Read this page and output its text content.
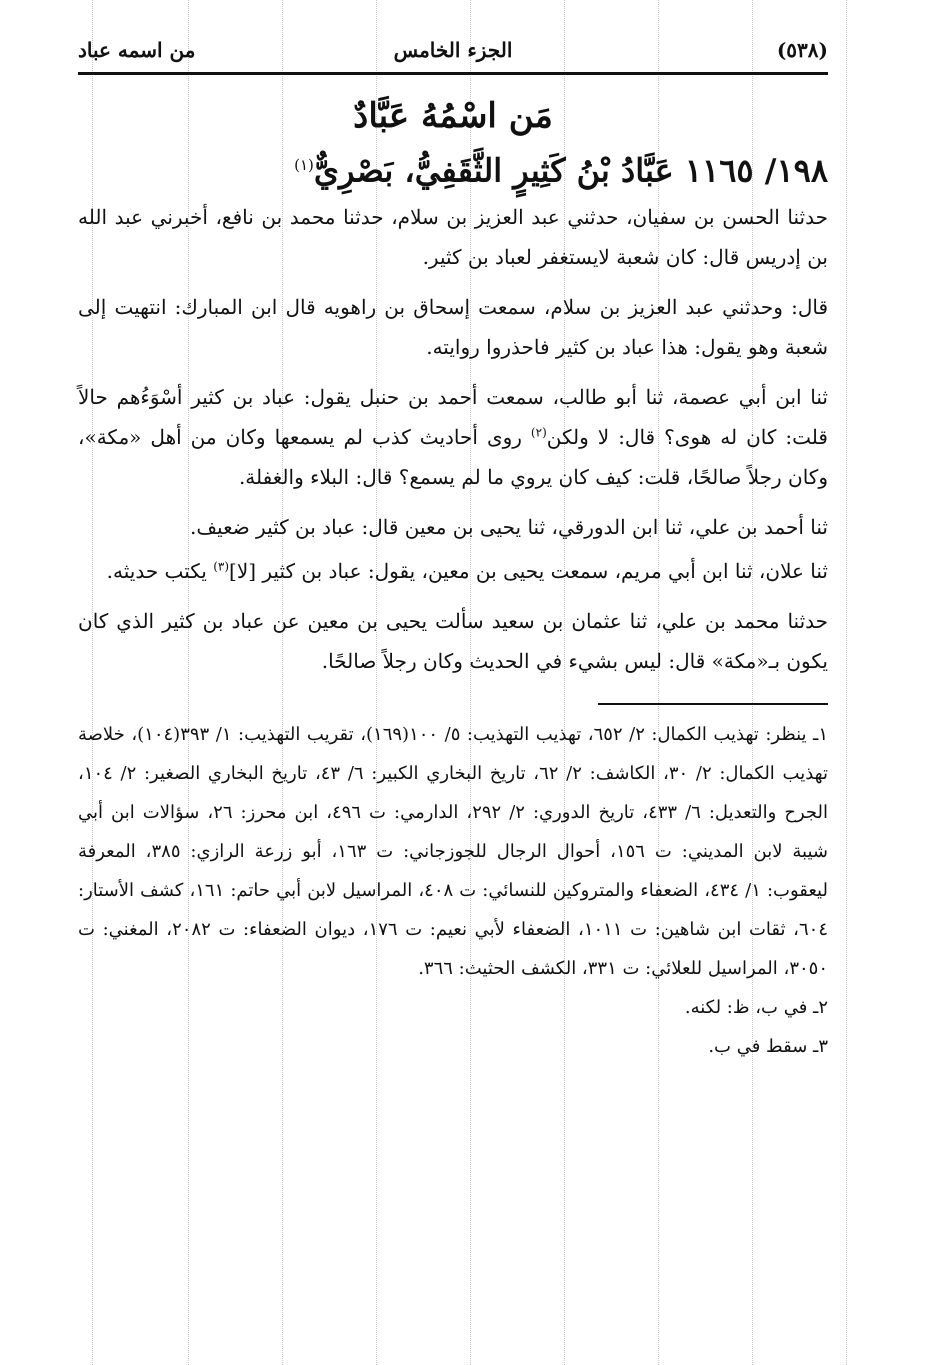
(٥٣٨)
الجزء الخامس
من اسمه عباد
مَن اسْمُهُ عَبَّادٌ
١٩٨/ ١١٦٥ عَبَّادُ بْنُ كَثِيرٍ الثَّقَفِيُّ، بَصْرِيٌّ$^{(١)}$

حدثنا الحسن بن سفيان، حدثني عبد العزيز بن سلام، حدثنا محمد بن نافع، أخبرني عبد الله بن إدريس قال: كان شعبة لايستغفر لعباد بن كثير.

قال: وحدثني عبد العزيز بن سلام، سمعت إسحاق بن راهويه قال ابن المبارك: انتهيت إلى شعبة وهو يقول: هذا عباد بن كثير فاحذروا روايته.

ثنا ابن أبي عصمة، ثنا أبو طالب، سمعت أحمد بن حنبل يقول: عباد بن كثير أسْوَءُهم حالاً قلت: كان له هوى؟ قال: لا ولكن$^{(٢)}$ روى أحاديث كذب لم يسمعها وكان من أهل «مكة»، وكان رجلاً صالحًا، قلت: كيف كان يروي ما لم يسمع؟ قال: البلاء والغفلة.

ثنا أحمد بن علي، ثنا ابن الدورقي، ثنا يحيى بن معين قال: عباد بن كثير ضعيف.

ثنا علان، ثنا ابن أبي مريم، سمعت يحيى بن معين، يقول: عباد بن كثير [لا]$^{(٣)}$ يكتب حديثه.

حدثنا محمد بن علي، ثنا عثمان بن سعيد سألت يحيى بن معين عن عباد بن كثير الذي كان يكون بـ«مكة» قال: ليس بشيء في الحديث وكان رجلاً صالحًا.

١ـ ينظر: تهذيب الكمال: ٢/ ٦٥٢، تهذيب التهذيب: ٥/ ١٠٠(١٦٩)، تقريب التهذيب: ١/ ٣٩٣(١٠٤)، خلاصة تهذيب الكمال: ٢/ ٣٠، الكاشف: ٢/ ٦٢، تاريخ البخاري الكبير: ٦/ ٤٣، تاريخ البخاري الصغير: ٢/ ١٠٤، الجرح والتعديل: ٦/ ٤٣٣، تاريخ الدوري: ٢/ ٢٩٢، الدارمي: ت ٤٩٦، ابن محرز: ٢٦، سؤالات ابن أبي شيبة لابن المديني: ت ١٥٦، أحوال الرجال للجوزجاني: ت ١٦٣، أبو زرعة الرازي: ٣٨٥، المعرفة ليعقوب: ١/ ٤٣٤، الضعفاء والمتروكين للنسائي: ت ٤٠٨، المراسيل لابن أبي حاتم: ١٦١، كشف الأستار: ٦٠٤، ثقات ابن شاهين: ت ١٠١١، الضعفاء لأبي نعيم: ت ١٧٦، ديوان الضعفاء: ت ٢٠٨٢، المغني: ت ٣٠٥٠، المراسيل للعلائي: ت ٣٣١، الكشف الحثيث: ٣٦٦.

٢ـ في ب، ظ: لكنه.

٣ـ سقط في ب.
